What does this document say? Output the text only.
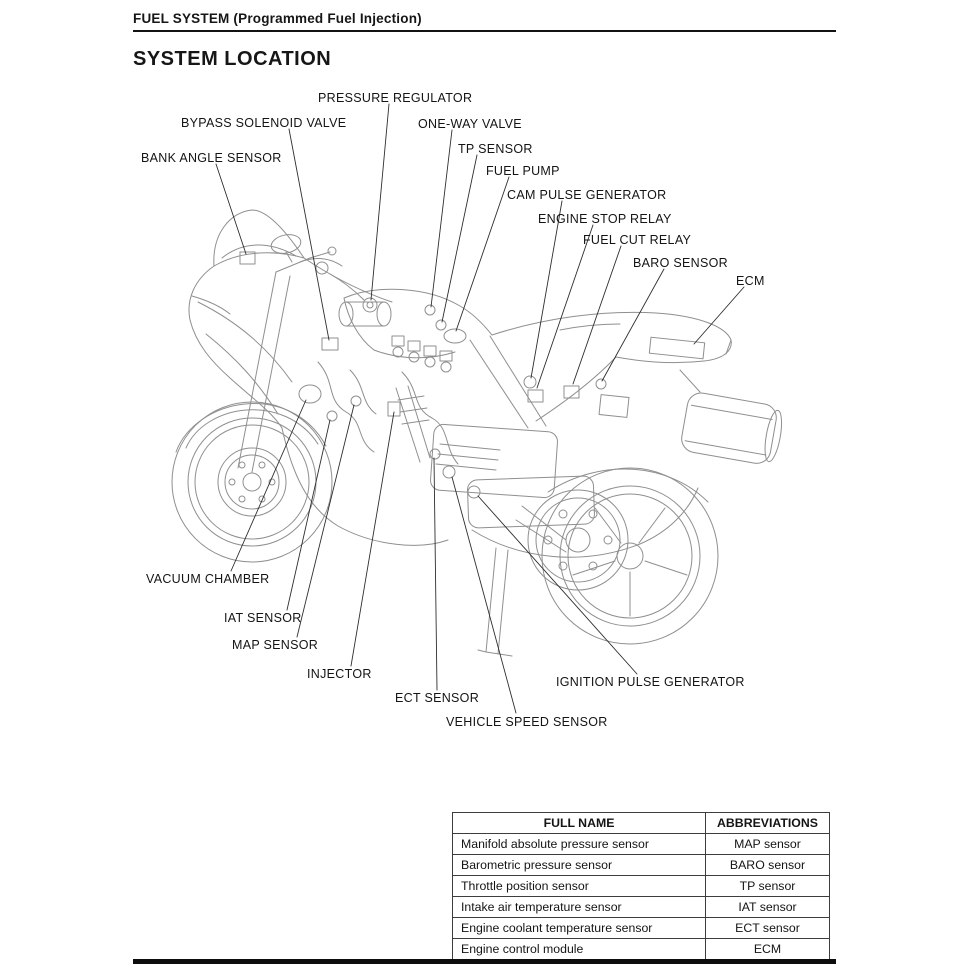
FUEL SYSTEM (Programmed Fuel Injection)
SYSTEM LOCATION
PRESSURE REGULATOR
BYPASS SOLENOID VALVE	ONE-WAY VALVE
BANK ANGLE SENSOR
TP SENSOR
FUEL PUMP
CAM PULSE GENERATOR
ENGINE STOP RELAY
FUEL CUT RELAY
BARO SENSOR
ECM
VACUUM CHAMBER
IAT SENSOR
MAP SENSOR
INJECTOR
ECT SENSOR
VEHICLE SPEED SENSOR
IGNITION PULSE GENERATOR
FULL NAME	ABBREVIATIONS
Manifold absolute pressure sensor	MAP sensor
Barometric pressure sensor	BARO sensor
Throttle position sensor	TP sensor
Intake air temperature sensor	IAT sensor
Engine coolant temperature sensor	ECT sensor
Engine control module	ECM
